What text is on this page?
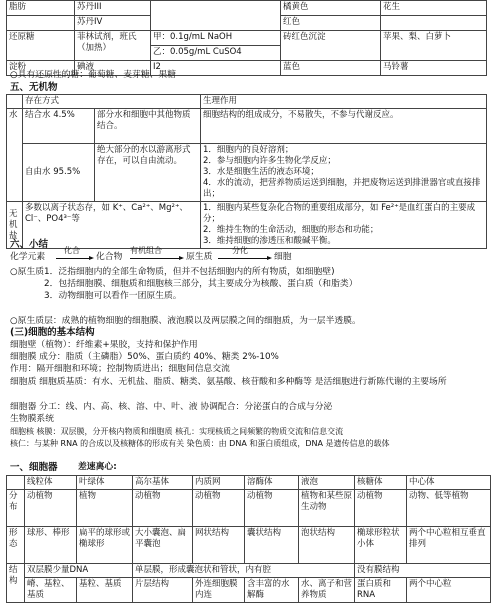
脂肪	苏丹III		橘黄色	花生
	苏丹IV		红色	
还原糖	菲林试剂，班氏（加热）	甲：0.1g/mL NaOH	砖红色沉淀	苹果、梨、白萝卜
		乙：0.05g/mL CuSO4		
淀粉	碘液	I2	蓝色	马铃薯
○具有还原性的糖：葡萄糖、麦芽糖、果糖
五、无机物
	存在方式		生理作用
水	结合水 4.5%	部分水和细胞中其他物质结合。	细胞结构的组成成分，不易散失，不参与代谢反应。
	自由水 95.5%	绝大部分的水以游离形式存在，可以自由流动。	1．细胞内的良好溶剂；
2．参与细胞内许多生物化学反应；
3．水是细胞生活的液态环境；
4．水的流动，把营养物质运送到细胞，并把废物运送到排泄器官或直接排出；

无机盐	多数以离子状态存，如 K⁺、Ca²⁺、Mg²⁺、Cl⁻、PO4³⁻等		1．细胞内某些复杂化合物的重要组成部分，如 Fe²⁺是血红蛋白的主要成分；
2．维持生物的生命活动，细胞的形态和功能；
3．维持细胞的渗透压和酸碱平衡。
六、小结
化学元素
化合
化合物
有机组合
原生质
分化
细胞
○原生质 1．泛指细胞内的全部生命物质，但并不包括细胞内的所有物质，如细胞壁)
2．包括细胞膜、细胞质和细胞核三部分，其主要成分为核酸、蛋白质（和脂类）
3．动物细胞可以看作一团原生质。
○原生质层：成熟的植物细胞的细胞膜、液泡膜以及两层膜之间的细胞质，为一层半透膜。
(三)细胞的基本结构
细胞壁（植物）：纤维素+果胶，支持和保护作用
细胞膜 成分：脂质（主磷脂）50%、蛋白质约 40%、糖类 2%-10%
作用：隔开细胞和环境；控制物质进出；细胞间信息交流
细胞质 细胞质基质：有水、无机盐、脂质、糖类、氨基酸、核苷酸和多种酶等 是活细胞进行新陈代谢的主要场所
细胞器 分工：线、内、高、核、溶、中、叶、液 协调配合：分泌蛋白的合成与分泌
生物膜系统
细胞核 核膜：双层膜，分开核内物质和细胞质 核孔：实现核质之间频繁的物质交流和信息交流
核仁：与某种 RNA 的合成以及核糖体的形成有关 染色质：由 DNA 和蛋白质组成，DNA 是遗传信息的载体
一、细胞器 差速离心:
	线粒体	叶绿体	高尔基体	内质网	溶酶体	液泡	核糖体	中心体
分布	动植物	植物	动植物	动植物	动植物	植物和某些原生动物	动植物	动物、低等植物
形态	球形、棒形	扁平的球形或椭球形	大小囊泡、扁平囊泡	网状结构	囊状结构	泡状结构	椭球形粒状小体	两个中心粒相互垂直排列
结构	双层膜少量DNA		单层膜，形成囊泡状和管状，内有腔				没有膜结构	
	嵴、基粒、基质	基粒、基质	片层结构	外连细胞膜内连	含丰富的水解酶	水、离子和营养物质	蛋白质和 RNA	两个中心粒
